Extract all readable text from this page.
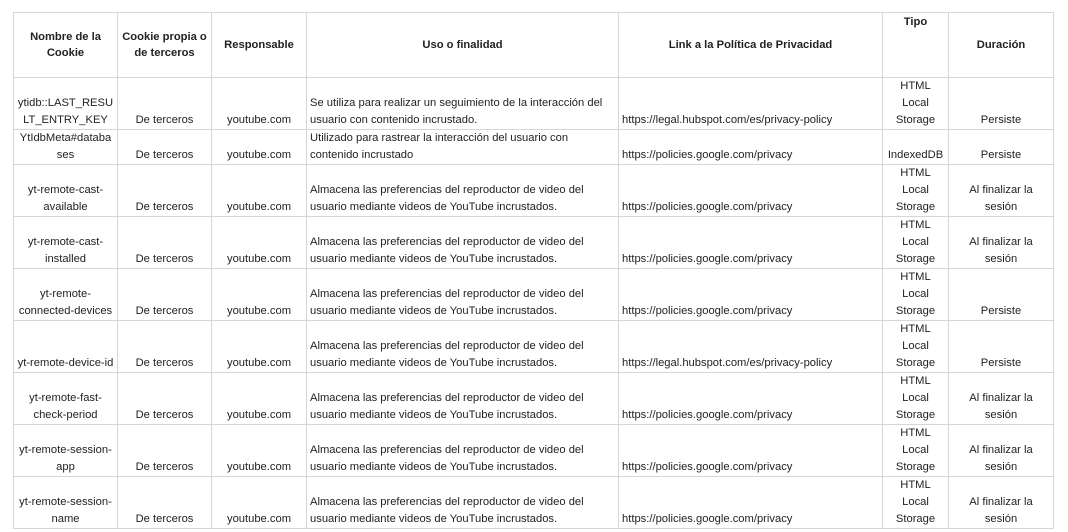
Nombre de la Cookie	Cookie propia o de terceros	Responsable	Uso o finalidad	Link a la Política de Privacidad	Tipo	Duración
ytidb::LAST_RESULT_ENTRY_KEY	De terceros	youtube.com	Se utiliza para realizar un seguimiento de la interacción del usuario con contenido incrustado.	https://legal.hubspot.com/es/privacy-policy	HTML Local Storage	Persiste
YtIdbMeta#databases	De terceros	youtube.com	Utilizado para rastrear la interacción del usuario con contenido incrustado	https://policies.google.com/privacy	IndexedDB	Persiste
yt-remote-cast-available	De terceros	youtube.com	Almacena las preferencias del reproductor de video del usuario mediante videos de YouTube incrustados.	https://policies.google.com/privacy	HTML Local Storage	Al finalizar la sesión
yt-remote-cast-installed	De terceros	youtube.com	Almacena las preferencias del reproductor de video del usuario mediante videos de YouTube incrustados.	https://policies.google.com/privacy	HTML Local Storage	Al finalizar la sesión
yt-remote-connected-devices	De terceros	youtube.com	Almacena las preferencias del reproductor de video del usuario mediante videos de YouTube incrustados.	https://policies.google.com/privacy	HTML Local Storage	Persiste
yt-remote-device-id	De terceros	youtube.com	Almacena las preferencias del reproductor de video del usuario mediante videos de YouTube incrustados.	https://legal.hubspot.com/es/privacy-policy	HTML Local Storage	Persiste
yt-remote-fast-check-period	De terceros	youtube.com	Almacena las preferencias del reproductor de video del usuario mediante videos de YouTube incrustados.	https://policies.google.com/privacy	HTML Local Storage	Al finalizar la sesión
yt-remote-session-app	De terceros	youtube.com	Almacena las preferencias del reproductor de video del usuario mediante videos de YouTube incrustados.	https://policies.google.com/privacy	HTML Local Storage	Al finalizar la sesión
yt-remote-session-name	De terceros	youtube.com	Almacena las preferencias del reproductor de video del usuario mediante videos de YouTube incrustados.	https://policies.google.com/privacy	HTML Local Storage	Al finalizar la sesión
